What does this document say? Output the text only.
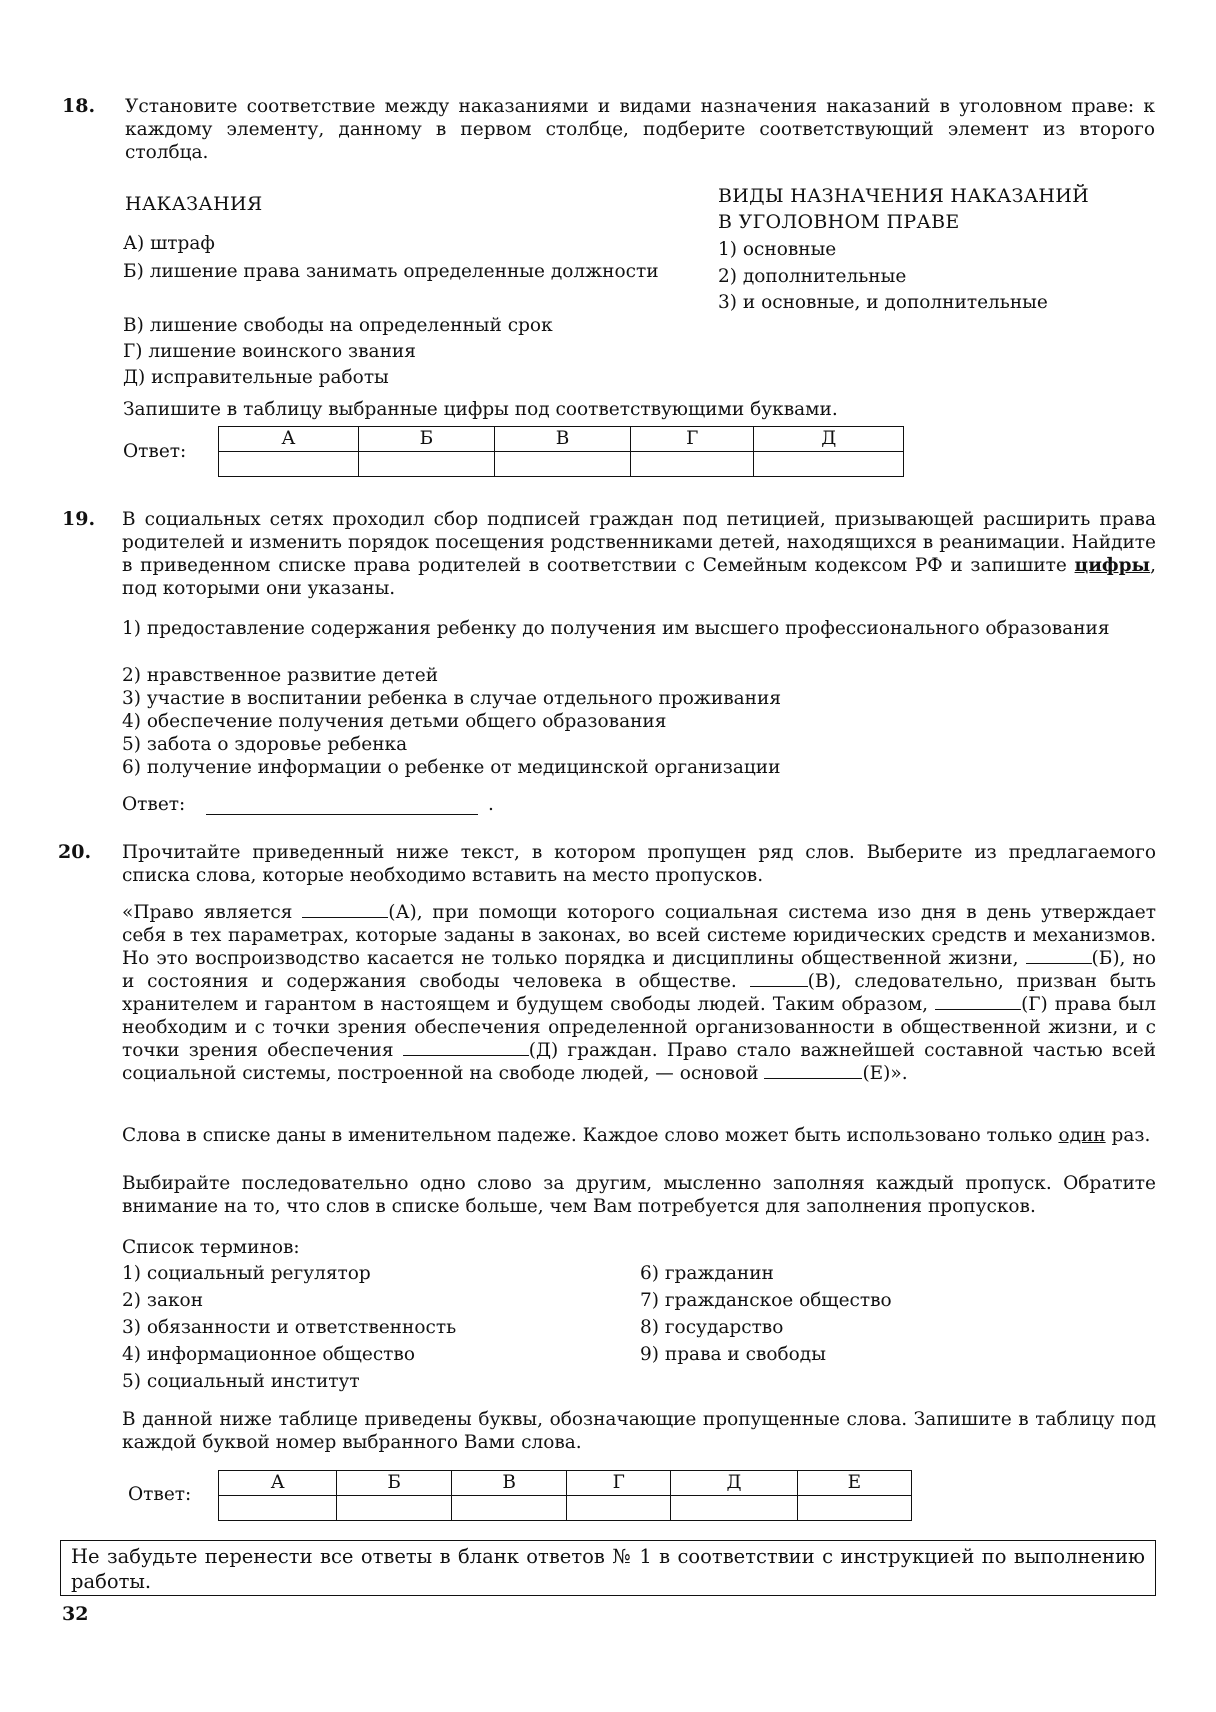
18. Установите соответствие между наказаниями и видами назначения наказаний в уголовном праве: к каждому элементу, данному в первом столбце, подберите соответствующий элемент из второго столбца.
НАКАЗАНИЯ	ВИДЫ НАЗНАЧЕНИЯ НАКАЗАНИЙ
В УГОЛОВНОМ ПРАВЕ
А) штраф
Б) лишение права занимать определенные должности
В) лишение свободы на определенный срок
Г) лишение воинского звания
Д) исправительные работы
1) основные
2) дополнительные
3) и основные, и дополнительные
Запишите в таблицу выбранные цифры под соответствующими буквами.
Ответ:
А	Б	В	Г	Д

19. В социальных сетях проходил сбор подписей граждан под петицией, призывающей расширить права родителей и изменить порядок посещения родственниками детей, находящихся в реанимации. Найдите в приведенном списке права родителей в соответствии с Семейным кодексом РФ и запишите цифры, под которыми они указаны.
1) предоставление содержания ребенку до получения им высшего профессионального образования
2) нравственное развитие детей
3) участие в воспитании ребенка в случае отдельного проживания
4) обеспечение получения детьми общего образования
5) забота о здоровье ребенка
6) получение информации о ребенке от медицинской организации
Ответ:	.
20. Прочитайте приведенный ниже текст, в котором пропущен ряд слов. Выберите из предлагаемого списка слова, которые необходимо вставить на место пропусков.
«Право является	(А), при помощи которого социальная система изо дня в день утверждает себя в тех параметрах, которые заданы в законах, во всей системе юридических средств и механизмов. Но это воспроизводство касается не только порядка и дисциплины общественной жизни,	(Б), но и состояния и содержания свободы человека в обществе.	(В), следовательно, призван быть хранителем и гарантом в настоящем и будущем свободы людей. Таким образом,	(Г) права был необходим и с точки зрения обеспечения определенной организованности в общественной жизни, и с точки зрения обеспечения	(Д) граждан. Право стало важнейшей составной частью всей социальной системы, построенной на свободе людей, — основой	(Е)».
Слова в списке даны в именительном падеже. Каждое слово может быть использовано только один раз.
Выбирайте последовательно одно слово за другим, мысленно заполняя каждый пропуск. Обратите внимание на то, что слов в списке больше, чем Вам потребуется для заполнения пропусков.
Список терминов:
1) социальный регулятор
2) закон
3) обязанности и ответственность
4) информационное общество
5) социальный институт
6) гражданин
7) гражданское общество
8) государство
9) права и свободы
В данной ниже таблице приведены буквы, обозначающие пропущенные слова. Запишите в таблицу под каждой буквой номер выбранного Вами слова.
Ответ:
А	Б	В	Г	Д	Е

Не забудьте перенести все ответы в бланк ответов № 1 в соответствии с инструкцией по выполнению работы.
32
